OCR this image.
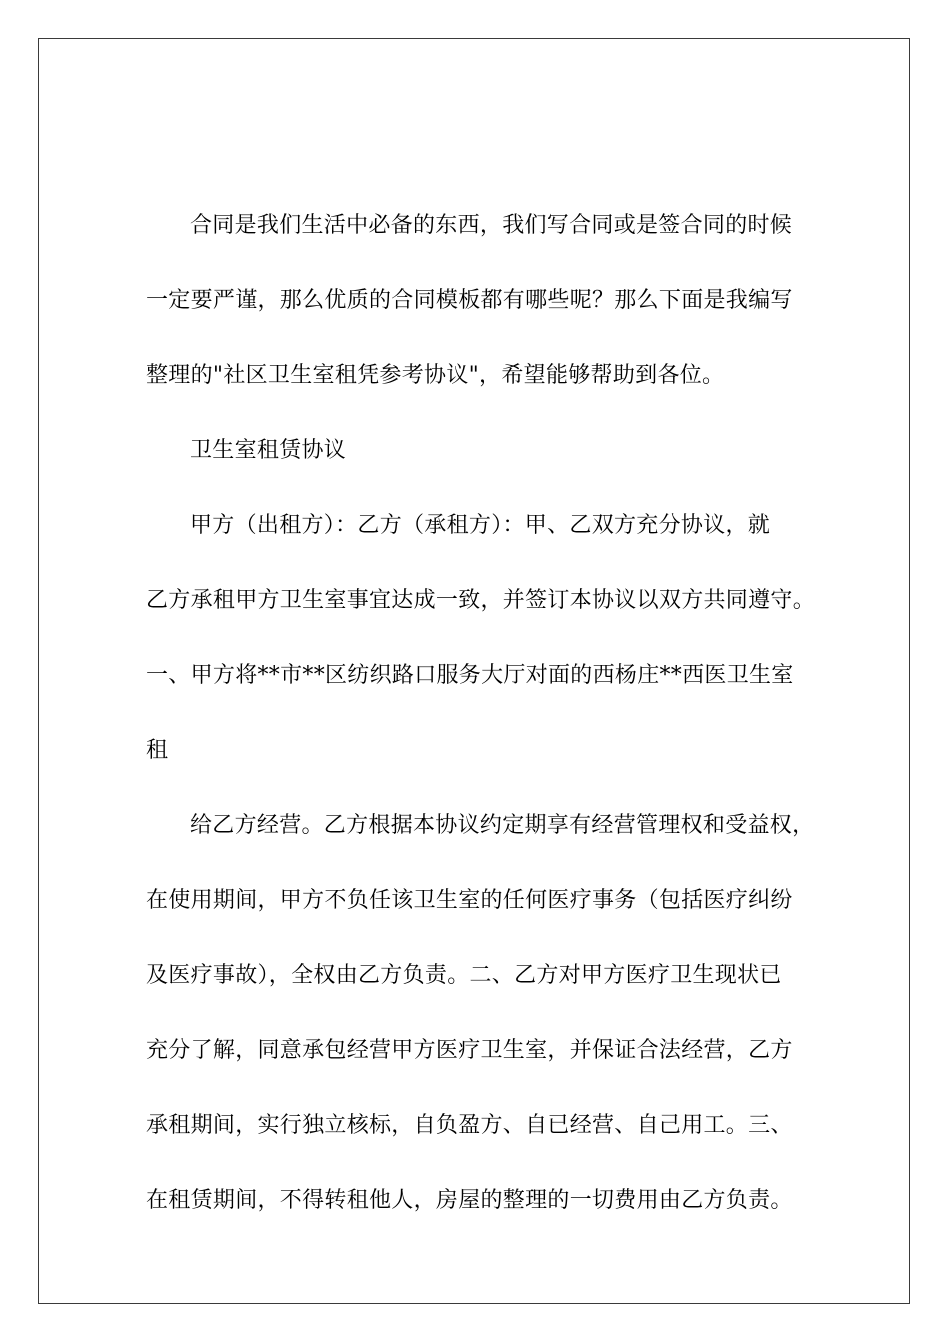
合同是我们生活中必备的东西，我们写合同或是签合同的时候
一定要严谨，那么优质的合同模板都有哪些呢？那么下面是我编写
整理的"社区卫生室租凭参考协议"，希望能够帮助到各位。
卫生室租赁协议
甲方（出租方）：乙方（承租方）：甲、乙双方充分协议，就
乙方承租甲方卫生室事宜达成一致，并签订本协议以双方共同遵守。
一、甲方将**市**区纺织路口服务大厅对面的西杨庄**西医卫生室
租
给乙方经营。乙方根据本协议约定期享有经营管理权和受益权，
在使用期间，甲方不负任该卫生室的任何医疗事务（包括医疗纠纷
及医疗事故），全权由乙方负责。二、乙方对甲方医疗卫生现状已
充分了解，同意承包经营甲方医疗卫生室，并保证合法经营，乙方
承租期间，实行独立核标，自负盈方、自已经营、自己用工。三、
在租赁期间，不得转租他人，房屋的整理的一切费用由乙方负责。
